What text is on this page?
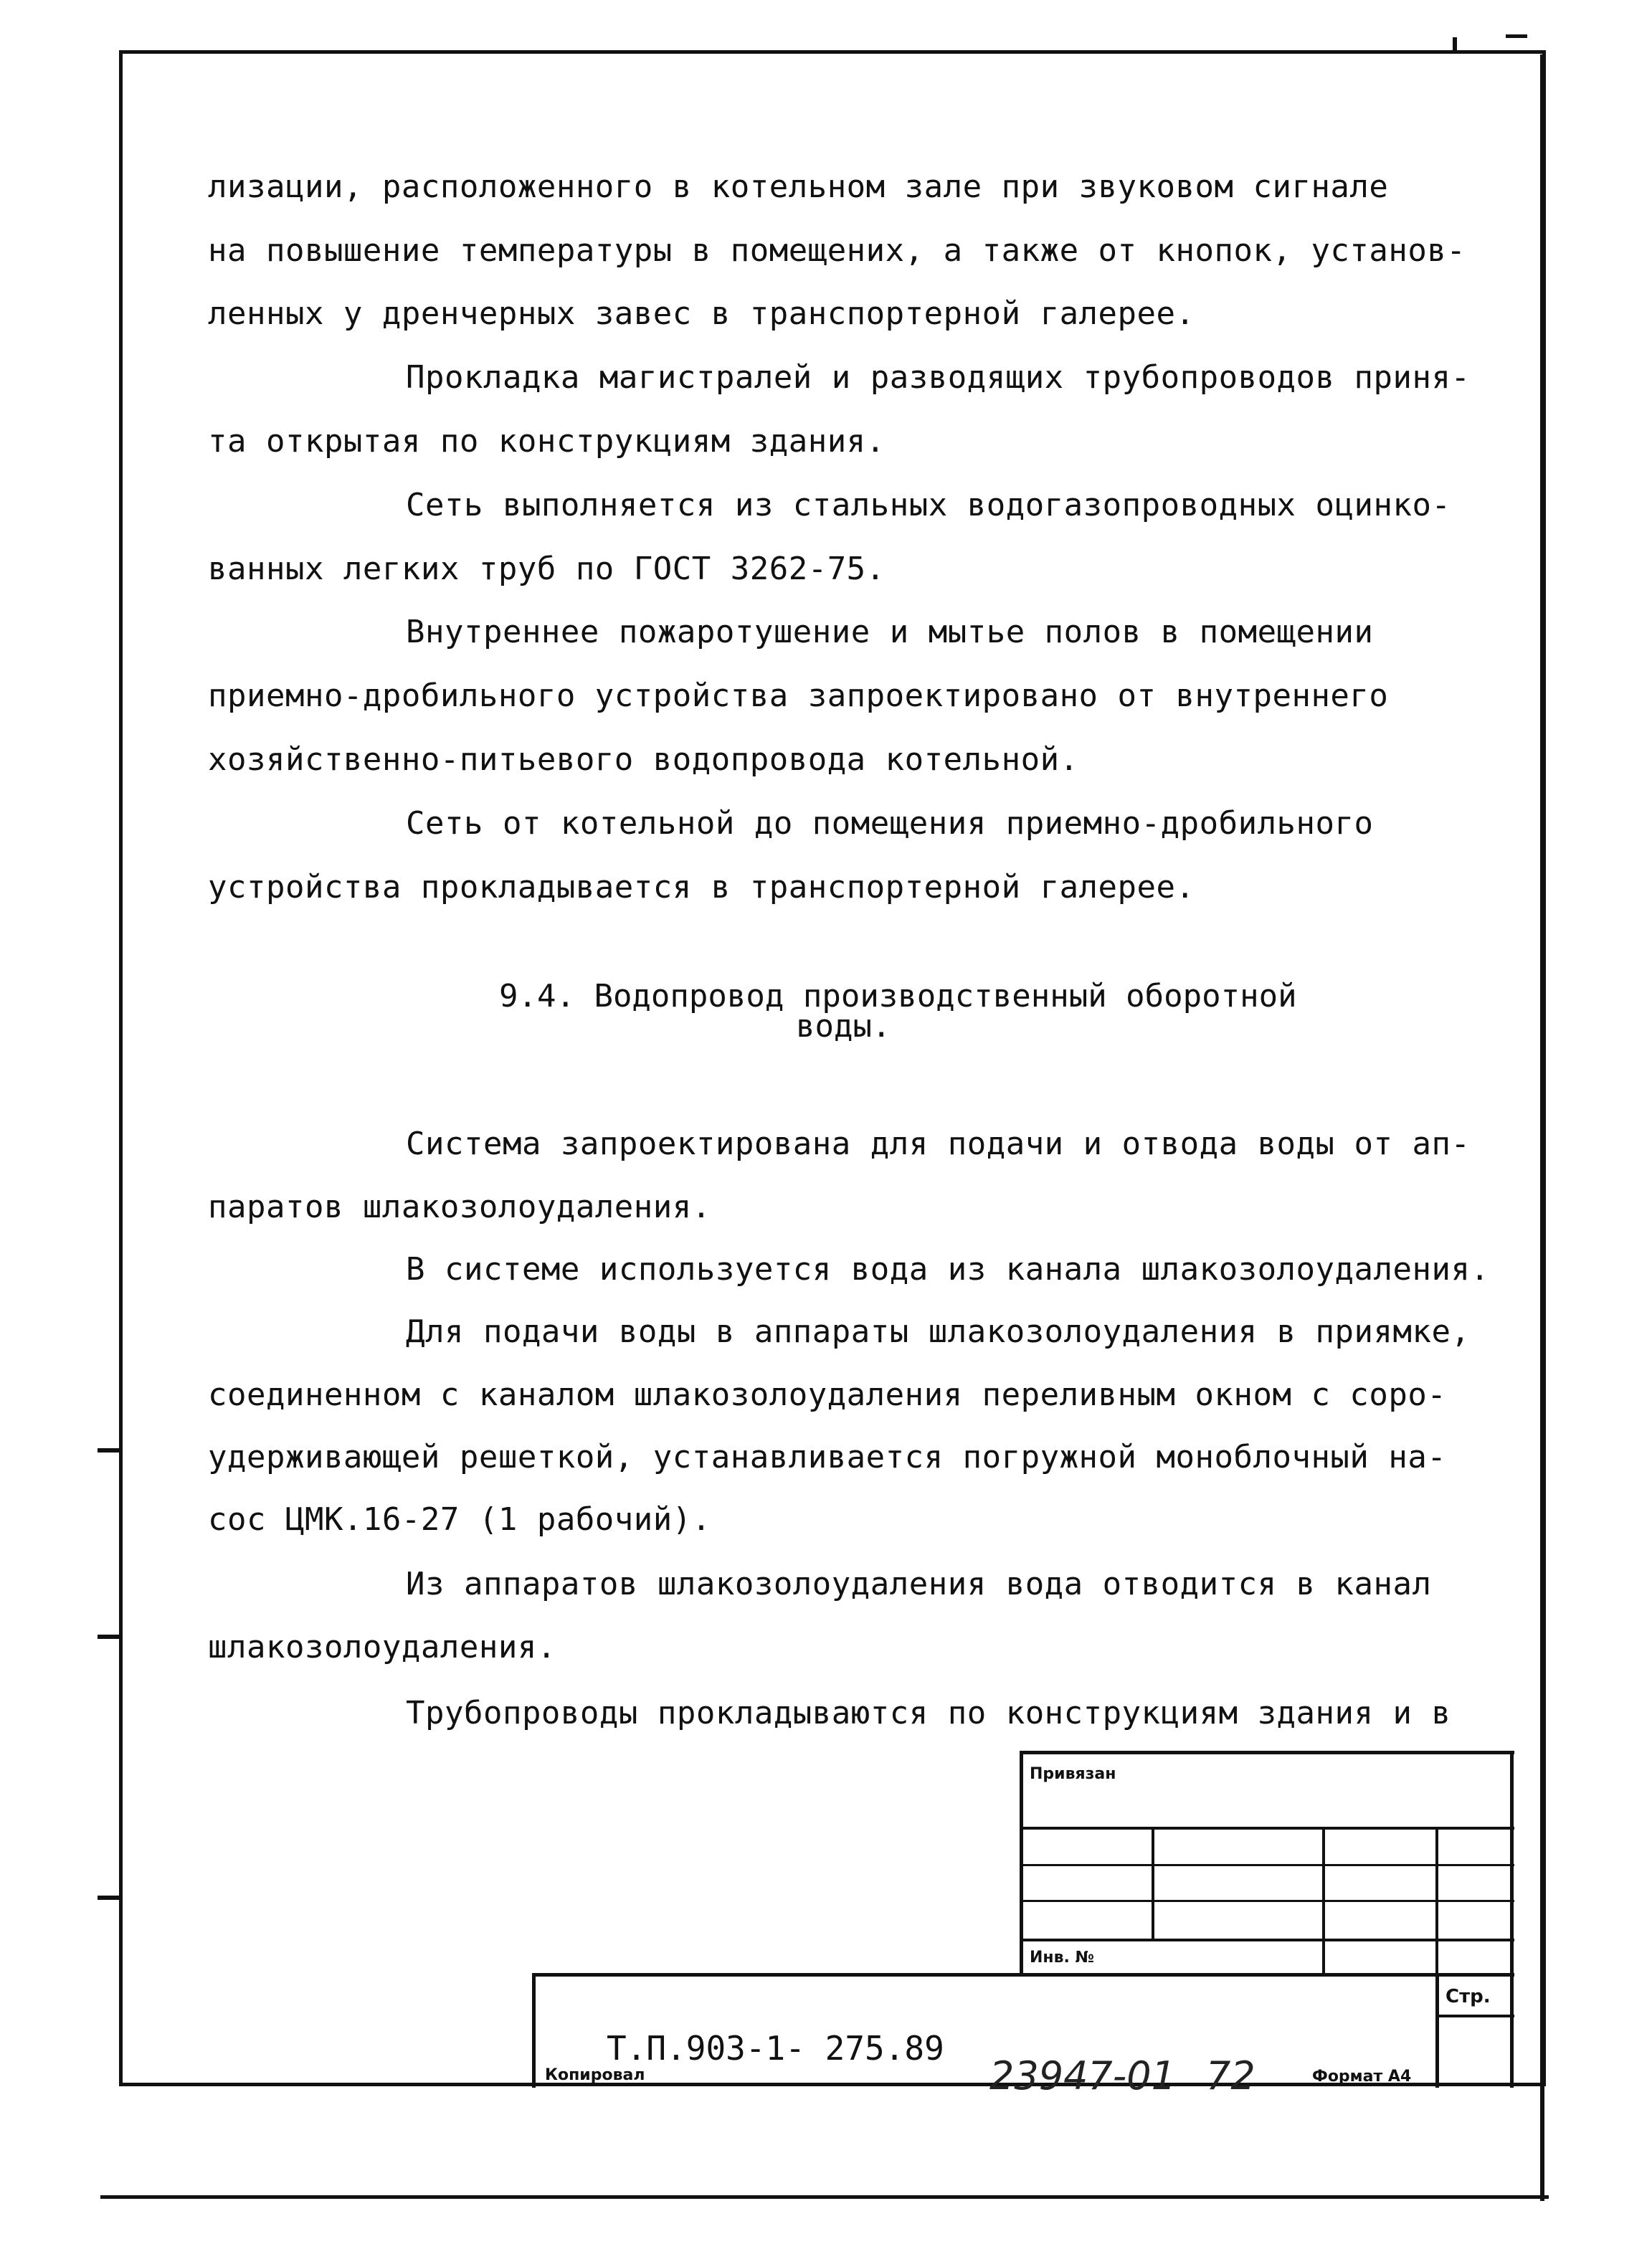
лизации, расположенного в котельном зале при звуковом сигнале
на повышение температуры в помещених, а также от кнопок, установ-
ленных у дренчерных завес в транспортерной галерее.
Прокладка магистралей и разводящих трубопроводов приня-
та открытая по конструкциям здания.
Сеть выполняется из стальных водогазопроводных оцинко-
ванных легких труб по ГОСТ 3262-75.
Внутреннее пожаротушение и мытье полов в помещении
приемно-дробильного устройства запроектировано от внутреннего
хозяйственно-питьевого водопровода котельной.
Сеть от котельной до помещения приемно-дробильного
устройства прокладывается в транспортерной галерее.
9.4. Водопровод производственный оборотной
воды.
Система запроектирована для подачи и отвода воды от ап-
паратов шлакозолоудаления.
В системе используется вода из канала шлакозолоудаления.
Для подачи воды в аппараты шлакозолоудаления в приямке,
соединенном с каналом шлакозолоудаления переливным окном с соро-
удерживающей решеткой, устанавливается погружной моноблочный на-
сос ЦМК.16-27 (1 рабочий).
Из аппаратов шлакозолоудаления вода отводится в канал
шлакозолоудаления.
Трубопроводы прокладываются по конструкциям здания и в
Привязан
Инв. №
Стр.
Т.П.903-1- 275.89
Копировал	23947-01 72	Формат А4
